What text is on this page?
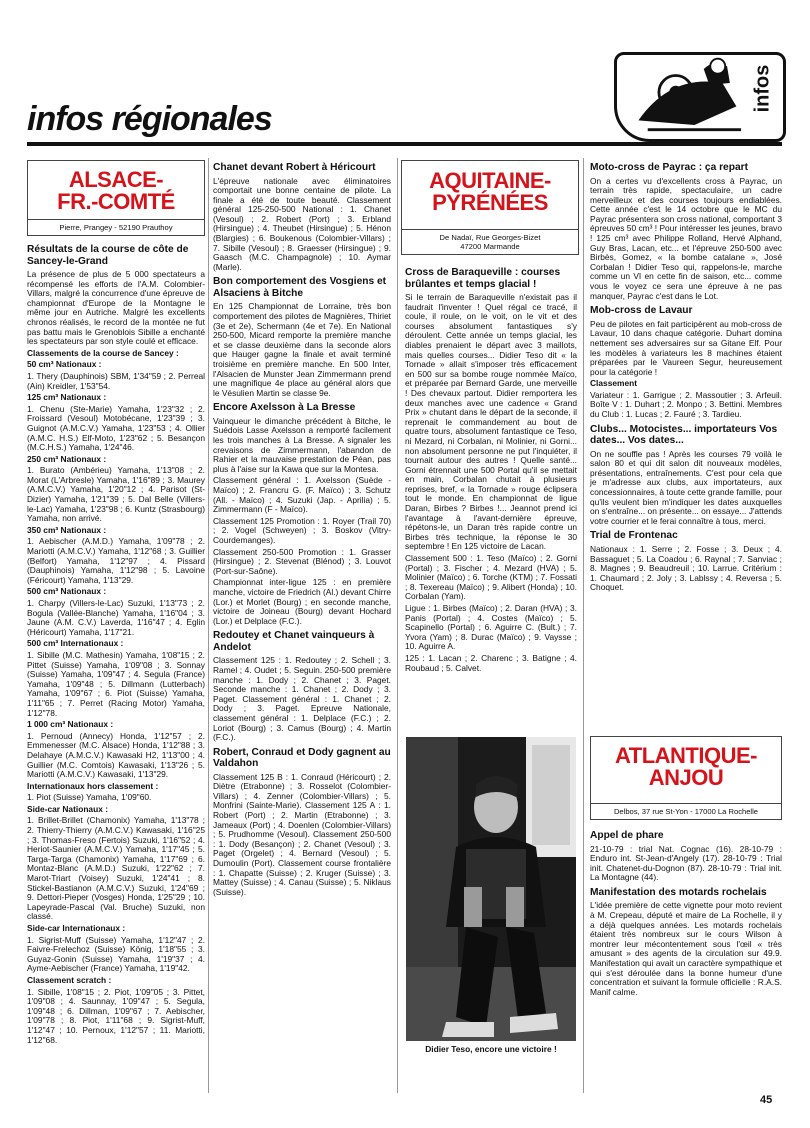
infos régionales
infos
ALSACE-
FR.-COMTÉ
Pierre, Prangey - 52190 Prauthoy

Résultats de la course de côte de Sancey-le-Grand

La présence de plus de 5 000 spectateurs a récompensé les efforts de l'A.M. Colombier-Villars, malgré la concurrence d'une épreuve de championnat d'Europe de la Montagne le même jour en Autriche. Malgré les excellents chronos réalisés, le record de la montée ne fut pas battu mais le Grenoblois Sibille a enchanté les spectateurs par son style coulé et efficace.

Classements de la course de Sancey :

50 cm³ Nationaux :

1. Thery (Dauphinois) SBM, 1'34"59 ; 2. Perreal (Ain) Kreidler, 1'53"54.

125 cm³ Nationaux :

1. Chenu (Ste-Marie) Yamaha, 1'23"32 ; 2. Froissard (Vesoul) Motobécane, 1'23"39 ; 3. Guignot (A.M.C.V.) Yamaha, 1'23"53 ; 4. Ollier (A.M.C. H.S.) Elf-Moto, 1'23"62 ; 5. Besançon (M.C.H.S.) Yamaha, 1'24"46.

250 cm³ Nationaux :

1. Burato (Ambérieu) Yamaha, 1'13"08 ; 2. Morat (L'Arbresle) Yamaha, 1'16"89 ; 3. Maurey (A.M.C.V.) Yamaha, 1'20"12 ; 4. Parisot (St-Dizier) Yamaha, 1'21"39 ; 5. Dal Belle (Villers-le-Lac) Yamaha, 1'23"98 ; 6. Kuntz (Strasbourg) Yamaha, non arrivé.

350 cm³ Nationaux :

1. Aebischer (A.M.D.) Yamaha, 1'09"78 ; 2. Mariotti (A.M.C.V.) Yamaha, 1'12"68 ; 3. Guillier (Belfort) Yamaha, 1'12"97 ; 4. Pissard (Dauphinois) Yamaha, 1'12"98 ; 5. Lavoine (Féricourt) Yamaha, 1'13"29.

500 cm³ Nationaux :

1. Charpy (Villers-le-Lac) Suzuki, 1'13"73 ; 2. Bogula (Vallée-Blanche) Yamaha, 1'16"04 ; 3. Jaune (A.M. C.V.) Laverda, 1'16"47 ; 4. Eglin (Héricourt) Yamaha, 1'17"21.

500 cm³ Internationaux :

1. Sibille (M.C. Mathesin) Yamaha, 1'08"15 ; 2. Pittet (Suisse) Yamaha, 1'09"08 ; 3. Sonnay (Suisse) Yamaha, 1'09"47 ; 4. Segula (France) Yamaha, 1'09"48 ; 5. Dillmann (Lutterbach) Yamaha, 1'09"67 ; 6. Piot (Suisse) Yamaha, 1'11"65 ; 7. Perret (Racing Motor) Yamaha, 1'12"78.

1 000 cm³ Nationaux :

1. Pernoud (Annecy) Honda, 1'12"57 ; 2. Emmenesser (M.C. Alsace) Honda, 1'12"88 ; 3. Delahaye (A.M.C.V.) Kawasaki H2, 1'13"00 ; 4. Guillier (M.C. Comtois) Kawasaki, 1'13"26 ; 5. Mariotti (A.M.C.V.) Kawasaki, 1'13"29.

Internationaux hors classement :

1. Piot (Suisse) Yamaha, 1'09"60.

Side-car Nationaux :

1. Brillet-Brillet (Chamonix) Yamaha, 1'13"78 ; 2. Thierry-Thierry (A.M.C.V.) Kawasaki, 1'16"25 ; 3. Thomas-Freso (Fertois) Suzuki, 1'16"52 ; 4. Heriot-Saunier (A.M.C.V.) Yamaha, 1'17"45 ; 5. Targa-Targa (Chamonix) Yamaha, 1'17"69 ; 6. Montaz-Blanc (A.M.D.) Suzuki, 1'22"62 ; 7. Marot-Triart (Voisey) Suzuki, 1'24"41 ; 8. Stickel-Bastianon (A.M.C.V.) Suzuki, 1'24"69 ; 9. Dettori-Pieper (Vosges) Honda, 1'25"29 ; 10. Lapeyrade-Pascal (Val. Bruche) Suzuki, non classé.

Side-car Internationaux :

1. Sigrist-Muff (Suisse) Yamaha, 1'12"47 ; 2. Faivre-Frelechoz (Suisse) König, 1'18"55 ; 3. Guyaz-Gonin (Suisse) Yamaha, 1'19"37 ; 4. Ayme-Aebischer (France) Yamaha, 1'19"42.

Classement scratch :

1. Sibille, 1'08"15 ; 2. Piot, 1'09"05 ; 3. Pittet, 1'09"08 ; 4. Saunnay, 1'09"47 ; 5. Segula, 1'09"48 ; 6. Dillman, 1'09"67 ; 7. Aebischer, 1'09"78 ; 8. Piot, 1'11"68 ; 9. Sigrist-Muff, 1'12"47 ; 10. Pernoux, 1'12"57 ; 11. Mariotti, 1'12"68.

Chanet devant Robert à Héricourt

L'épreuve nationale avec éliminatoires comportait une bonne centaine de pilote. La finale a été de toute beauté. Classement général 125-250-500 National : 1. Chanet (Vesoul) ; 2. Robert (Port) ; 3. Erbland (Hirsingue) ; 4. Theubet (Hirsingue) ; 5. Hénon (Blargies) ; 6. Boukenous (Colombier-Villars) ; 7. Sibille (Vesoul) ; 8. Graesser (Hirsingue) ; 9. Gaasch (M.C. Champagnole) ; 10. Aymar (Marle).

Bon comportement des Vosgiens et Alsaciens à Bitche

En 125 Championnat de Lorraine, très bon comportement des pilotes de Magnières, Thiriet (3e et 2e), Schermann (4e et 7e). En National 250-500, Micard remporte la première manche et se classe deuxième dans la seconde alors que Hauger gagne la finale et avait terminé troisième en première manche. En 500 Inter, l'Alsacien de Munster Jean Zimmermann prend une magnifique 4e place au général alors que le Vésulien Martin se classe 9e.

Encore Axelsson à La Bresse

Vainqueur le dimanche précédent à Bitche, le Suédois Lasse Axelsson a remporté facilement les trois manches à La Bresse. A signaler les crevaisons de Zimmermann, l'abandon de Rahier et la mauvaise prestation de Péan, pas plus à l'aise sur la Kawa que sur la Montesa.

Classement général : 1. Axelsson (Suède - Maïco) ; 2. Francru G. (F. Maïco) ; 3. Schutz (All. - Maïco) ; 4. Suzuki (Jap. - Aprilia) ; 5. Zimmermann (F - Maïco).

Classement 125 Promotion : 1. Royer (Trail 70) ; 2. Vogel (Schweyen) ; 3. Boskov (Vitry-Courdemanges).

Classement 250-500 Promotion : 1. Grasser (Hirsingue) ; 2. Stevenat (Blénod) ; 3. Louvot (Port-sur-Saône).

Championnat inter-ligue 125 : en première manche, victoire de Friedrich (Al.) devant Chirre (Lor.) et Morlet (Bourg) ; en seconde manche, victoire de Joineau (Bourg) devant Hochard (Lor.) et Delplace (F.C.).

Redoutey et Chanet vainqueurs à Andelot

Classement 125 : 1. Redoutey ; 2. Schell ; 3. Ramel ; 4. Oudet ; 5. Seguin. 250-500 première manche : 1. Dody ; 2. Chanet ; 3. Paget. Seconde manche : 1. Chanet ; 2. Dody ; 3. Paget. Classement général : 1. Chanet ; 2. Dody ; 3. Paget. Epreuve Nationale, classement général : 1. Delplace (F.C.) ; 2. Loriot (Bourg) ; 3. Camus (Bourg) ; 4. Martin (F.C.).

Robert, Conraud et Dody gagnent au Valdahon

Classement 125 B : 1. Conraud (Héricourt) ; 2. Diètre (Etrabonne) ; 3. Rosselot (Colombier-Villars) ; 4. Zenner (Colombier-Villars) ; 5. Monfrini (Sainte-Marie). Classement 125 A : 1. Robert (Port) ; 2. Martin (Etrabonne) ; 3. Jameaux (Port) ; 4. Doenlen (Colombier-Villars) ; 5. Prudhomme (Vesoul). Classement 250-500 : 1. Dody (Besançon) ; 2. Chanet (Vesoul) ; 3. Paget (Orgelet) ; 4. Bernard (Vesoul) ; 5. Dumoulin (Port). Classement course frontalière : 1. Chapatte (Suisse) ; 2. Kruger (Suisse) ; 3. Mattey (Suisse) ; 4. Canau (Suisse) ; 5. Niklaus (Suisse).

AQUITAINE-
PYRÉNÉES
De Nadaï, Rue Georges-Bizet
47200 Marmande

Cross de Baraqueville : courses brûlantes et temps glacial !

Si le terrain de Baraqueville n'existait pas il faudrait l'inventer ! Quel régal ce tracé, il coule, il roule, on le voit, on le vit et des courses absolument fantastiques s'y déroulent. Cette année un temps glacial, les diables prenaient le départ avec 3 maillots, mais quelles courses... Didier Teso dit « la Tornade » allait s'imposer très efficacement en 500 sur sa bombe rouge nommée Maïco, et préparée par Bernard Garde, une merveille ! Des chevaux partout. Didier remportera les deux manches avec une cadence « Grand Prix » chutant dans le départ de la seconde, il reprenait le commandement au bout de quatre tours, absolument fantastique ce Teso, ni Mezard, ni Corbalan, ni Molinier, ni Gorni... non absolument personne ne put l'inquiéter, il tournait autour des autres ! Quelle santé... Gorni étrennait une 500 Portal qu'il se mettait en main, Corbalan chutait à plusieurs reprises, bref, « la Tornade » rouge éclipsera tout le monde. En championnat de ligue Daran, Birbes ? Birbes !... Jeannot prend ici l'avantage à l'avant-dernière épreuve, répétons-le, un Daran très rapide contre un Birbes très technique, la réponse le 30 septembre ! En 125 victoire de Lacan.

Classement 500 : 1. Teso (Maïco) ; 2. Gorni (Portal) ; 3. Fischer ; 4. Mezard (HVA) ; 5. Molinier (Maïco) ; 6. Torche (KTM) ; 7. Fossati ; 8. Texereau (Maïco) ; 9. Alibert (Honda) ; 10. Corbalan (Yam).

Ligue : 1. Birbes (Maïco) ; 2. Daran (HVA) ; 3. Panis (Portal) ; 4. Costes (Maïco) ; 5. Scapinello (Portal) ; 6. Aguirre C. (Bult.) ; 7. Yvora (Yam) ; 8. Durac (Maïco) ; 9. Vaysse ; 10. Aguirre A.

125 : 1. Lacan ; 2. Charenc ; 3. Batigne ; 4. Roubaud ; 5. Calvet.

Didier Teso, encore une victoire !

Moto-cross de Payrac : ça repart

On a certes vu d'excellents cross à Payrac, un terrain très rapide, spectaculaire, un cadre merveilleux et des courses toujours endiablées. Cette année c'est le 14 octobre que le MC du Payrac présentera son cross national, comportant 3 épreuves 50 cm³ ! Pour intéresser les jeunes, bravo ! 125 cm³ avec Philippe Rolland, Hervé Alphand, Guy Bras, Lacan, etc... et l'épreuve 250-500 avec Birbès, Gomez, « la bombe catalane », José Corbalan ! Didier Teso qui, rappelons-le, marche comme un VI en cette fin de saison, etc... comme vous le voyez ce sera une épreuve à ne pas manquer, Payrac c'est dans le Lot.

Mob-cross de Lavaur

Peu de pilotes en fait participèrent au mob-cross de Lavaur, 10 dans chaque catégorie. Duhart domina nettement ses adversaires sur sa Gitane Elf. Pour les modèles à variateurs les 8 machines étaient préparées par le Vaureen Segur, heureusement pour la catégorie !

Classement

Variateur : 1. Garrigue ; 2. Massoutier ; 3. Arfeuil. Boîte V : 1. Duhart ; 2. Monpo ; 3. Bettini. Membres du Club : 1. Lucas ; 2. Fauré ; 3. Tardieu.

Clubs... Motocistes... importateurs Vos dates... Vos dates...

On ne souffle pas ! Après les courses 79 voilà le salon 80 et qui dit salon dit nouveaux modèles, présentations, entraînements. C'est pour cela que je m'adresse aux clubs, aux importateurs, aux concessionnaires, à toute cette grande famille, pour qu'ils veulent bien m'indiquer les dates auxquelles on s'entraîne... on présente... on essaye... J'attends votre courrier et le ferai connaître à tous, merci.

Trial de Frontenac

Nationaux : 1. Serre ; 2. Fosse ; 3. Deux ; 4. Bassaguet ; 5. La Coadou ; 6. Raynal ; 7. Sanviac ; 8. Magnes ; 9. Beaudreuil ; 10. Larrue. Critérium : 1. Chaumard ; 2. Joly ; 3. Lablssy ; 4. Reversa ; 5. Choquet.

ATLANTIQUE-
ANJOU
Delbos, 37 rue St-Yon - 17000 La Rochelle

Appel de phare

21-10-79 : trial Nat. Cognac (16). 28-10-79 : Enduro int. St-Jean-d'Angely (17). 28-10-79 : Trial init. Chatenet-du-Dognon (87). 28-10-79 : Trial init. La Montagne (44).

Manifestation des motards rochelais

L'idée première de cette vignette pour moto revient à M. Crepeau, député et maire de La Rochelle, il y a déjà quelques années. Les motards rochelais étaient très nombreux sur le cours Wilson à montrer leur mécontentement sous l'œil « très amusant » des agents de la circulation sur 49.9. Manifestation qui avait un caractère sympathique et qui s'est déroulée dans la bonne humeur d'une concentration et suivant la formule officielle : R.A.S. Manif calme.

45
